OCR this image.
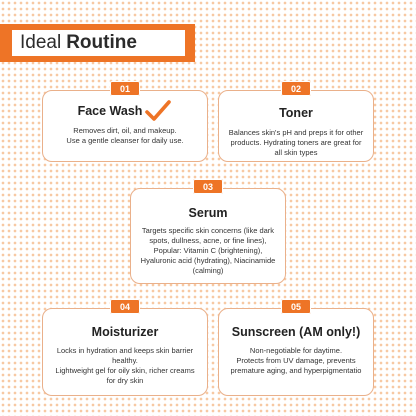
Ideal Routine
01
Face Wash

Removes dirt, oil, and makeup.
Use a gentle cleanser for daily use.

02
Toner

Balances skin's pH and preps it for other products. Hydrating toners are great for all skin types

03
Serum

Targets specific skin concerns (like dark spots, dullness, acne, or fine lines), Popular: Vitamin C (brightening), Hyaluronic acid (hydrating), Niacinamide (calming)

04
Moisturizer

Locks in hydration and keeps skin barrier healthy.
Lightweight gel for oily skin, richer creams for dry skin

05
Sunscreen (AM only!)

Non-negotiable for daytime.
Protects from UV damage, prevents premature aging, and hyperpigmentatio
